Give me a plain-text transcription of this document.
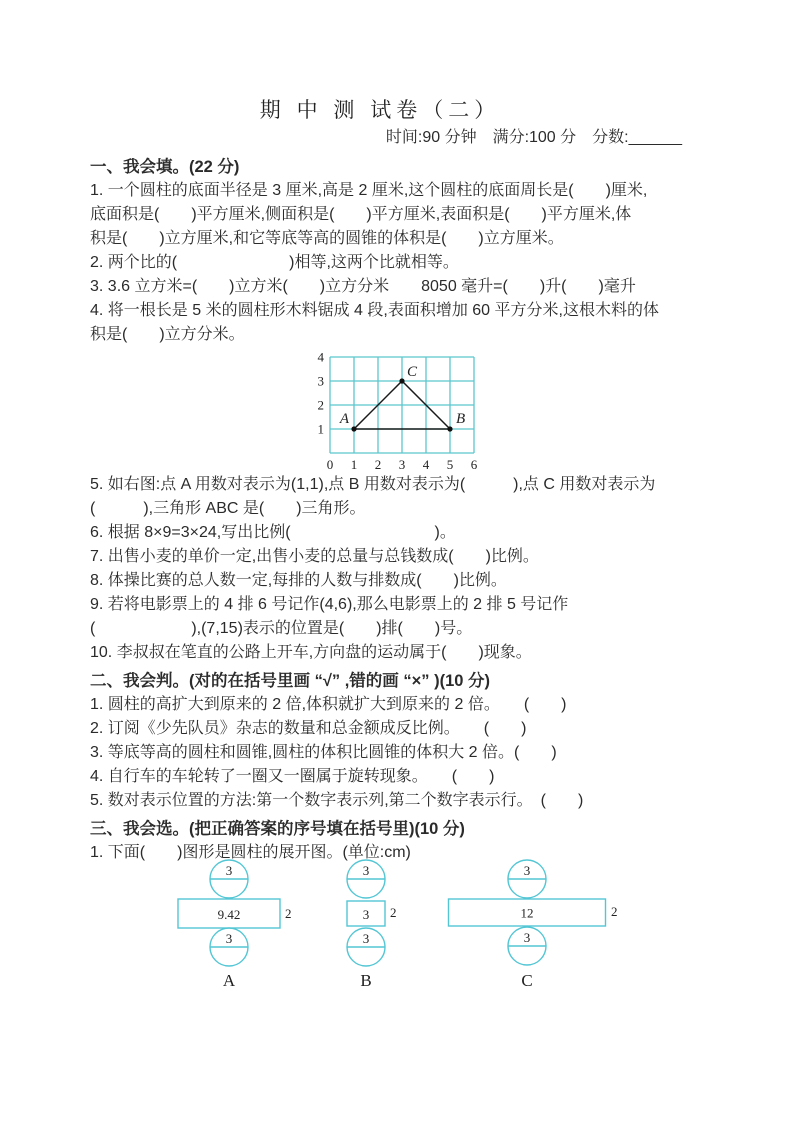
期 中 测 试卷（二）
时间:90 分钟　满分:100 分　分数:______
一、我会填。(22 分)
1. 一个圆柱的底面半径是 3 厘米,高是 2 厘米,这个圆柱的底面周长是(　　)厘米,
底面积是(　　)平方厘米,侧面积是(　　)平方厘米,表面积是(　　)平方厘米,体
积是(　　)立方厘米,和它等底等高的圆锥的体积是(　　)立方厘米。
2. 两个比的(　　　　　　　)相等,这两个比就相等。
3. 3.6 立方米=(　　)立方米(　　)立方分米　　8050 毫升=(　　)升(　　)毫升
4. 将一根长是 5 米的圆柱形木料锯成 4 段,表面积增加 60 平方分米,这根木料的体
积是(　　)立方分米。
4
3
2
1
0 1 2 3 4 5 6
A	B
C
5. 如右图:点 A 用数对表示为(1,1),点 B 用数对表示为(　　　),点 C 用数对表示为
(　　　),三角形 ABC 是(　　)三角形。
6. 根据 8×9=3×24,写出比例(　　　　　　　　　)。
7. 出售小麦的单价一定,出售小麦的总量与总钱数成(　　)比例。
8. 体操比赛的总人数一定,每排的人数与排数成(　　)比例。
9. 若将电影票上的 4 排 6 号记作(4,6),那么电影票上的 2 排 5 号记作
(　　　　　　),(7,15)表示的位置是(　　)排(　　)号。
10. 李叔叔在笔直的公路上开车,方向盘的运动属于(　　)现象。
二、我会判。(对的在括号里画 “√” ,错的画 “×” )(10 分)
1. 圆柱的高扩大到原来的 2 倍,体积就扩大到原来的 2 倍。　　(　　)
2. 订阅《少先队员》杂志的数量和总金额成反比例。　　(　　)
3. 等底等高的圆柱和圆锥,圆柱的体积比圆锥的体积大 2 倍。(　　)
4. 自行车的车轮转了一圈又一圈属于旋转现象。　　(　　)
5. 数对表示位置的方法:第一个数字表示列,第二个数字表示行。　(　　)
三、我会选。(把正确答案的序号填在括号里)(10 分)
1. 下面(　　)图形是圆柱的展开图。(单位:cm)
3
9.42	2
3
A
3
3 2
3
B
3
12	2
3
C
